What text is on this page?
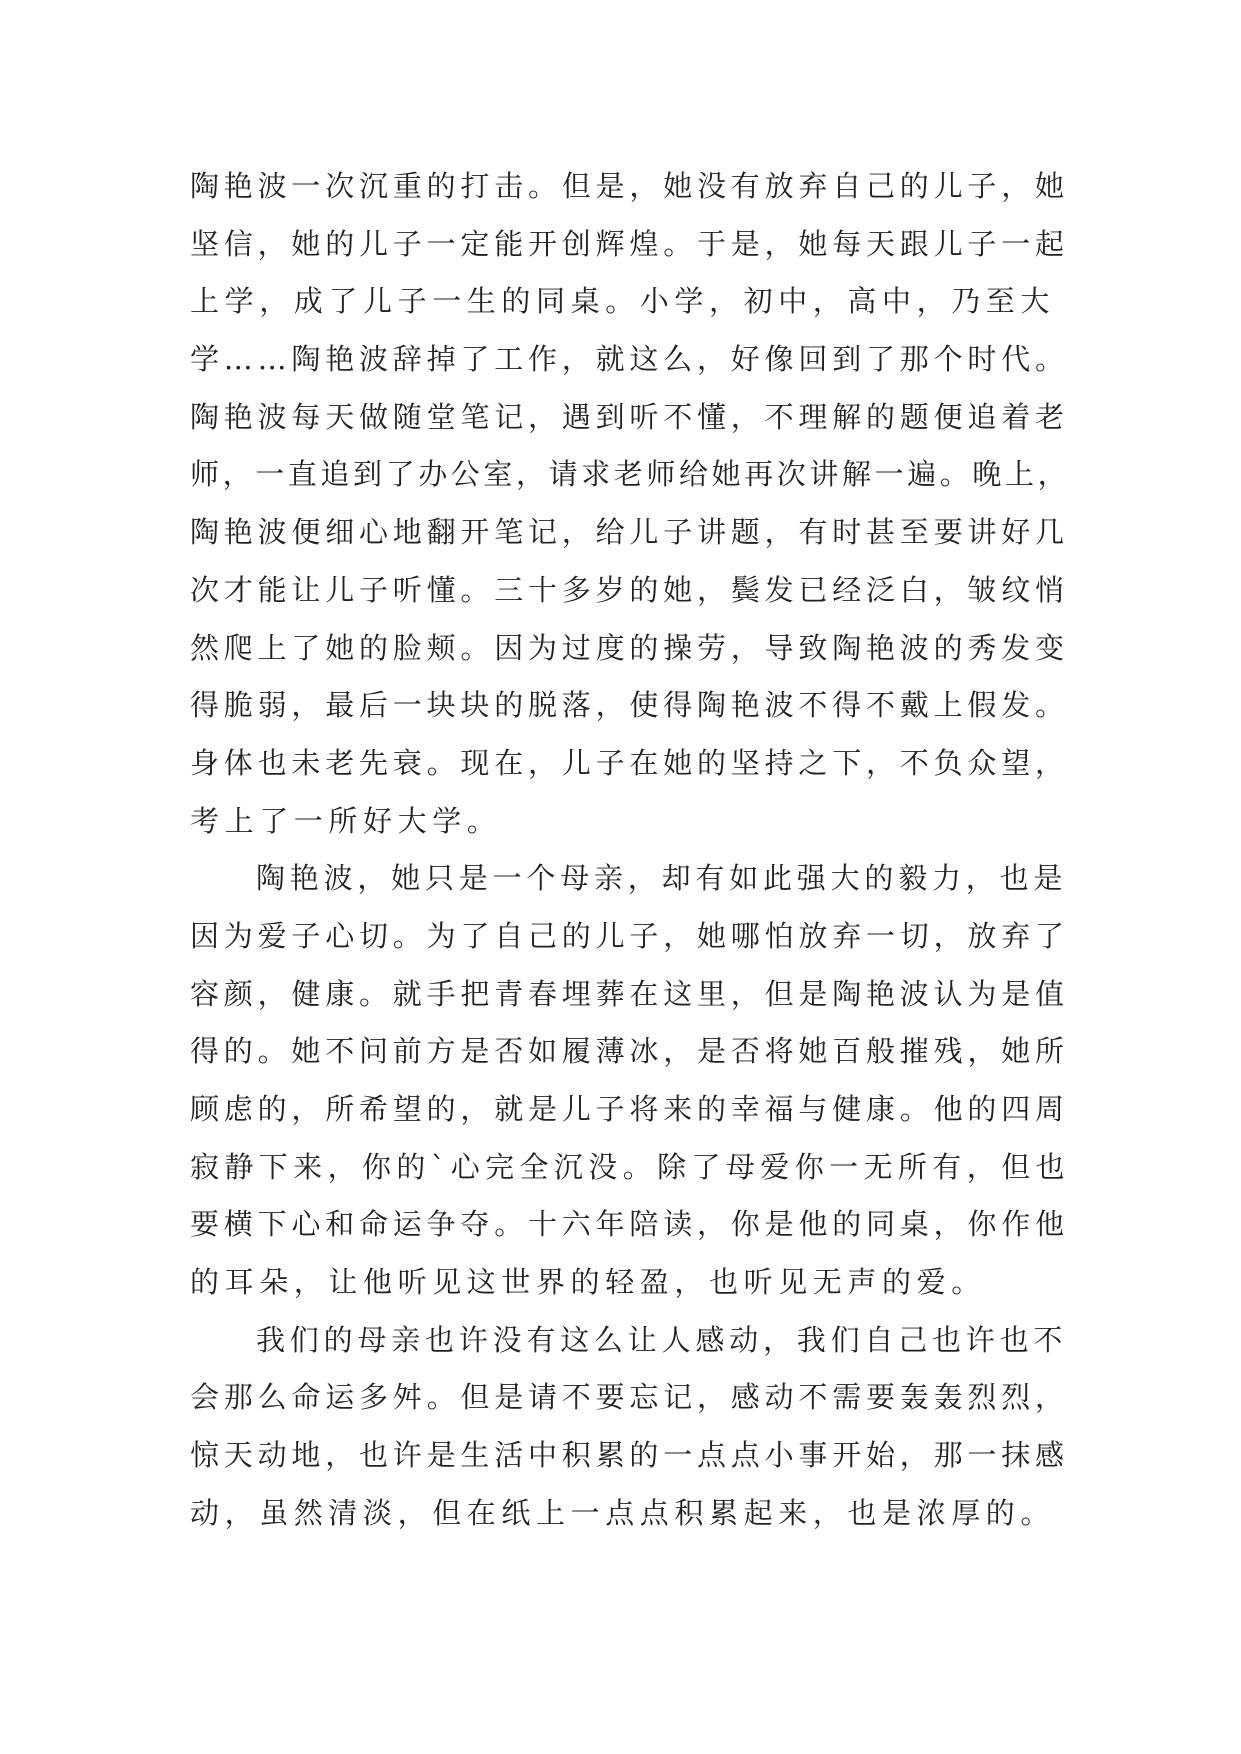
陶艳波一次沉重的打击。但是，她没有放弃自己的儿子，她
坚信，她的儿子一定能开创辉煌。于是，她每天跟儿子一起
上学，成了儿子一生的同桌。小学，初中，高中，乃至大
学……陶艳波辞掉了工作，就这么，好像回到了那个时代。
陶艳波每天做随堂笔记，遇到听不懂，不理解的题便追着老
师，一直追到了办公室，请求老师给她再次讲解一遍。晚上，
陶艳波便细心地翻开笔记，给儿子讲题，有时甚至要讲好几
次才能让儿子听懂。三十多岁的她，鬓发已经泛白，皱纹悄
然爬上了她的脸颊。因为过度的操劳，导致陶艳波的秀发变
得脆弱，最后一块块的脱落，使得陶艳波不得不戴上假发。
身体也未老先衰。现在，儿子在她的坚持之下，不负众望，
考上了一所好大学。
陶艳波，她只是一个母亲，却有如此强大的毅力，也是
因为爱子心切。为了自己的儿子，她哪怕放弃一切，放弃了
容颜，健康。就手把青春埋葬在这里，但是陶艳波认为是值
得的。她不问前方是否如履薄冰，是否将她百般摧残，她所
顾虑的，所希望的，就是儿子将来的幸福与健康。他的四周
寂静下来，你的`心完全沉没。除了母爱你一无所有，但也
要横下心和命运争夺。十六年陪读，你是他的同桌，你作他
的耳朵，让他听见这世界的轻盈，也听见无声的爱。
我们的母亲也许没有这么让人感动，我们自己也许也不
会那么命运多舛。但是请不要忘记，感动不需要轰轰烈烈，
惊天动地，也许是生活中积累的一点点小事开始，那一抹感
动，虽然清淡，但在纸上一点点积累起来，也是浓厚的。
